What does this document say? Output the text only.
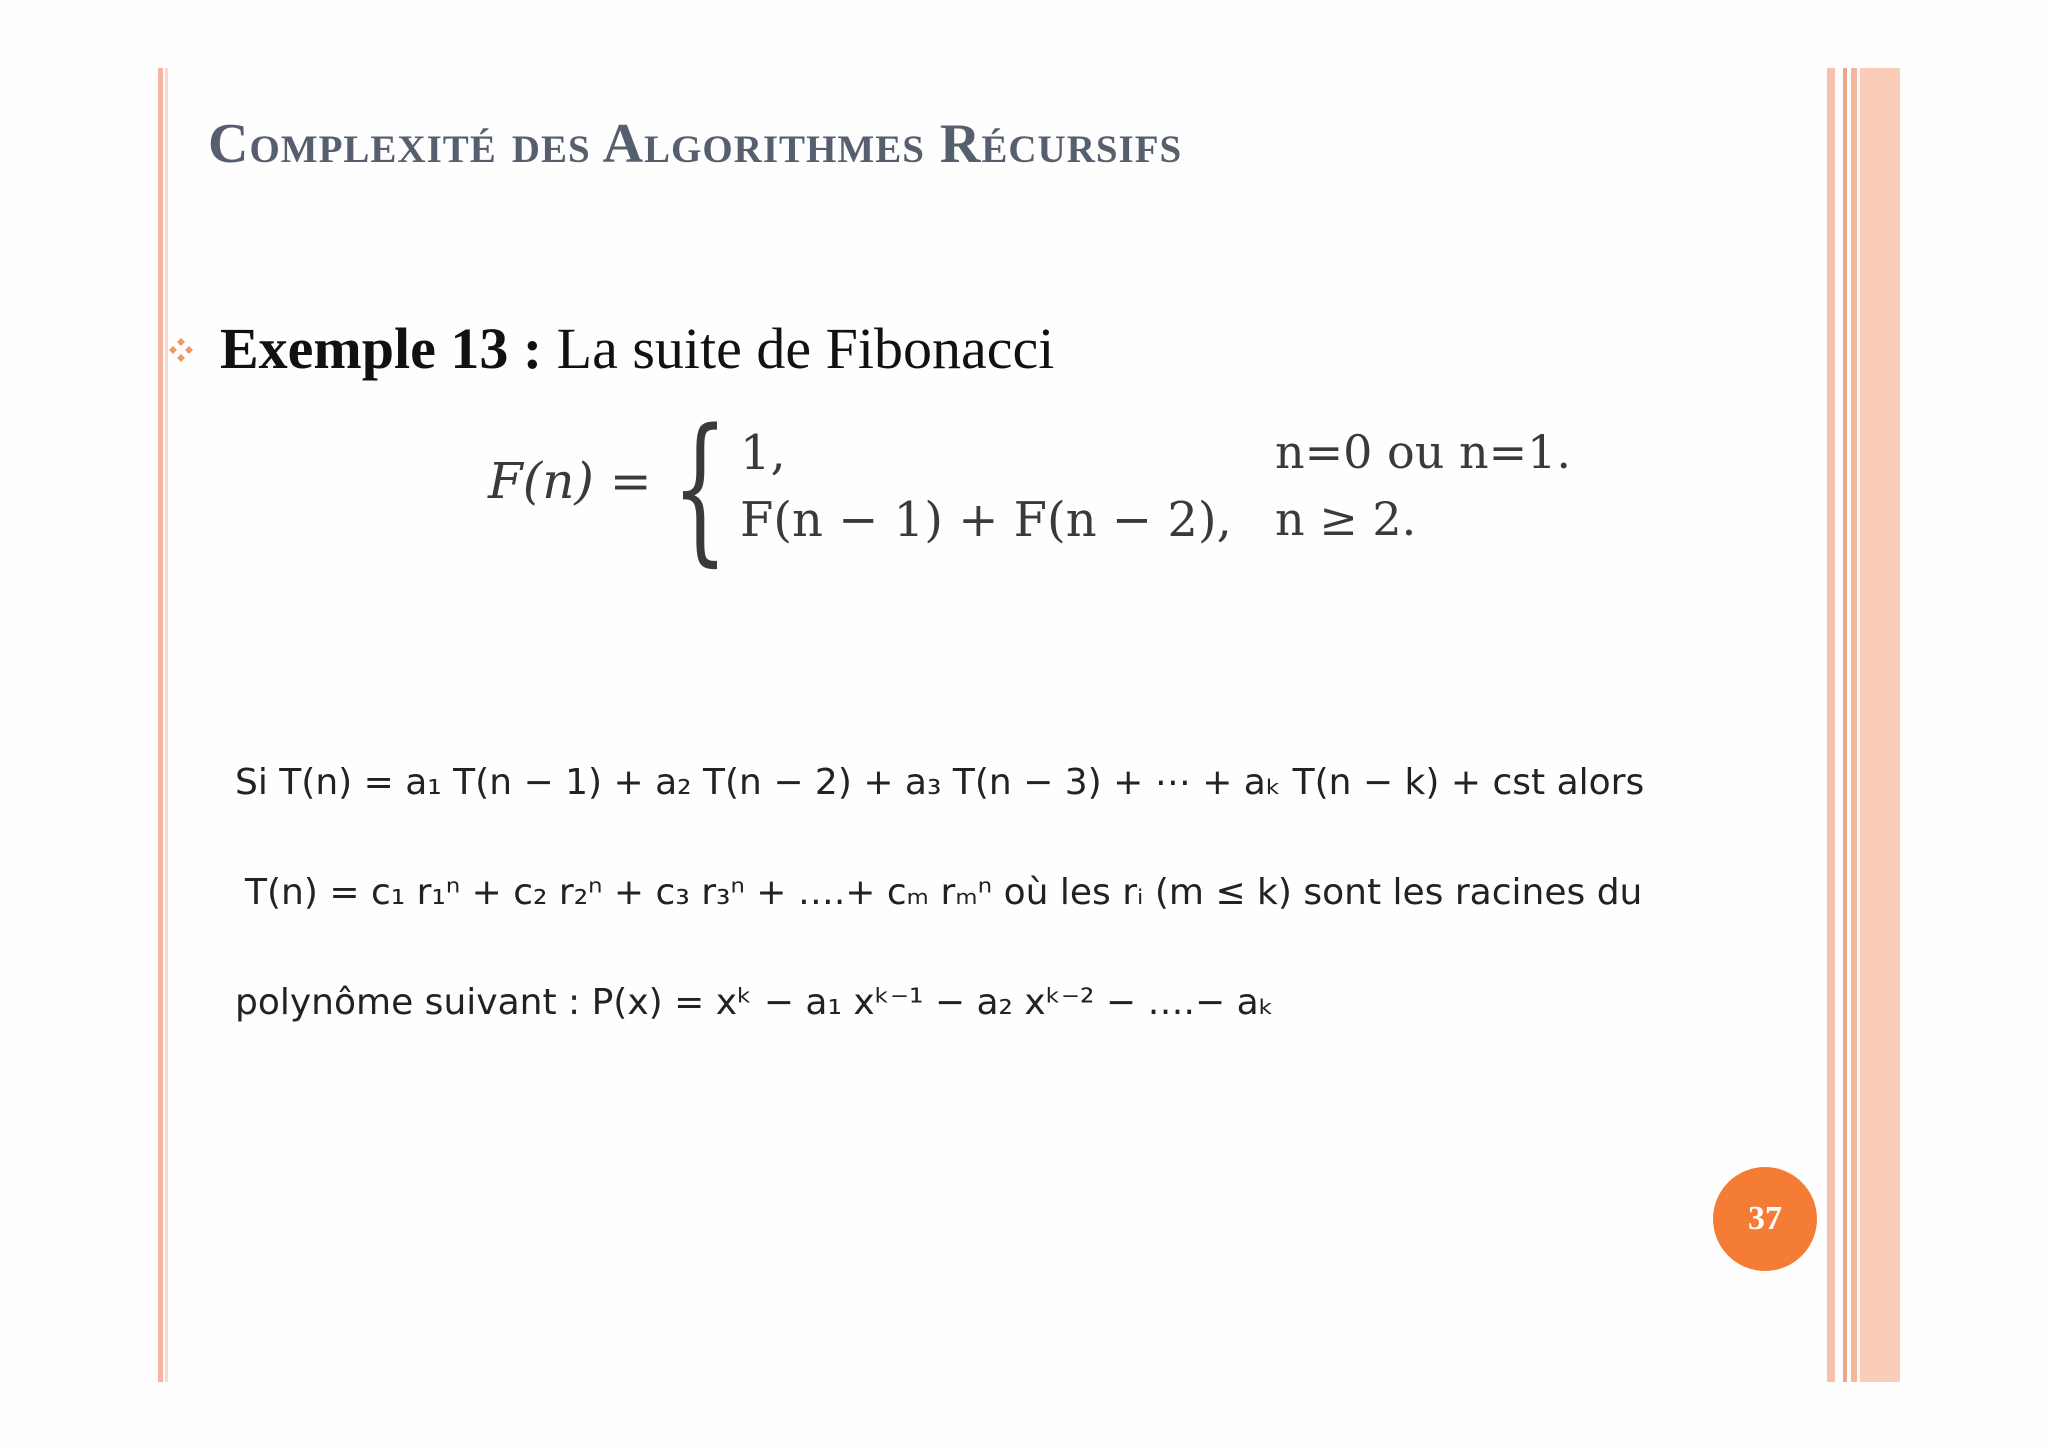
Complexité des Algorithmes Récursifs
Exemple 13 : La suite de Fibonacci
F(n) = { 1,	n=0 ou n=1.
F(n − 1) + F(n − 2), n ≥ 2.
Si T(n) = a₁ T(n − 1) + a₂ T(n − 2) + a₃ T(n − 3) + ⋯ + aₖ T(n − k) + cst alors
T(n) = c₁ r₁ⁿ + c₂ r₂ⁿ + c₃ r₃ⁿ + ….+ cₘ rₘⁿ où les rᵢ (m ≤ k) sont les racines du
polynôme suivant : P(x) = xᵏ − a₁ xᵏ⁻¹ − a₂ xᵏ⁻² − ….− aₖ
37
